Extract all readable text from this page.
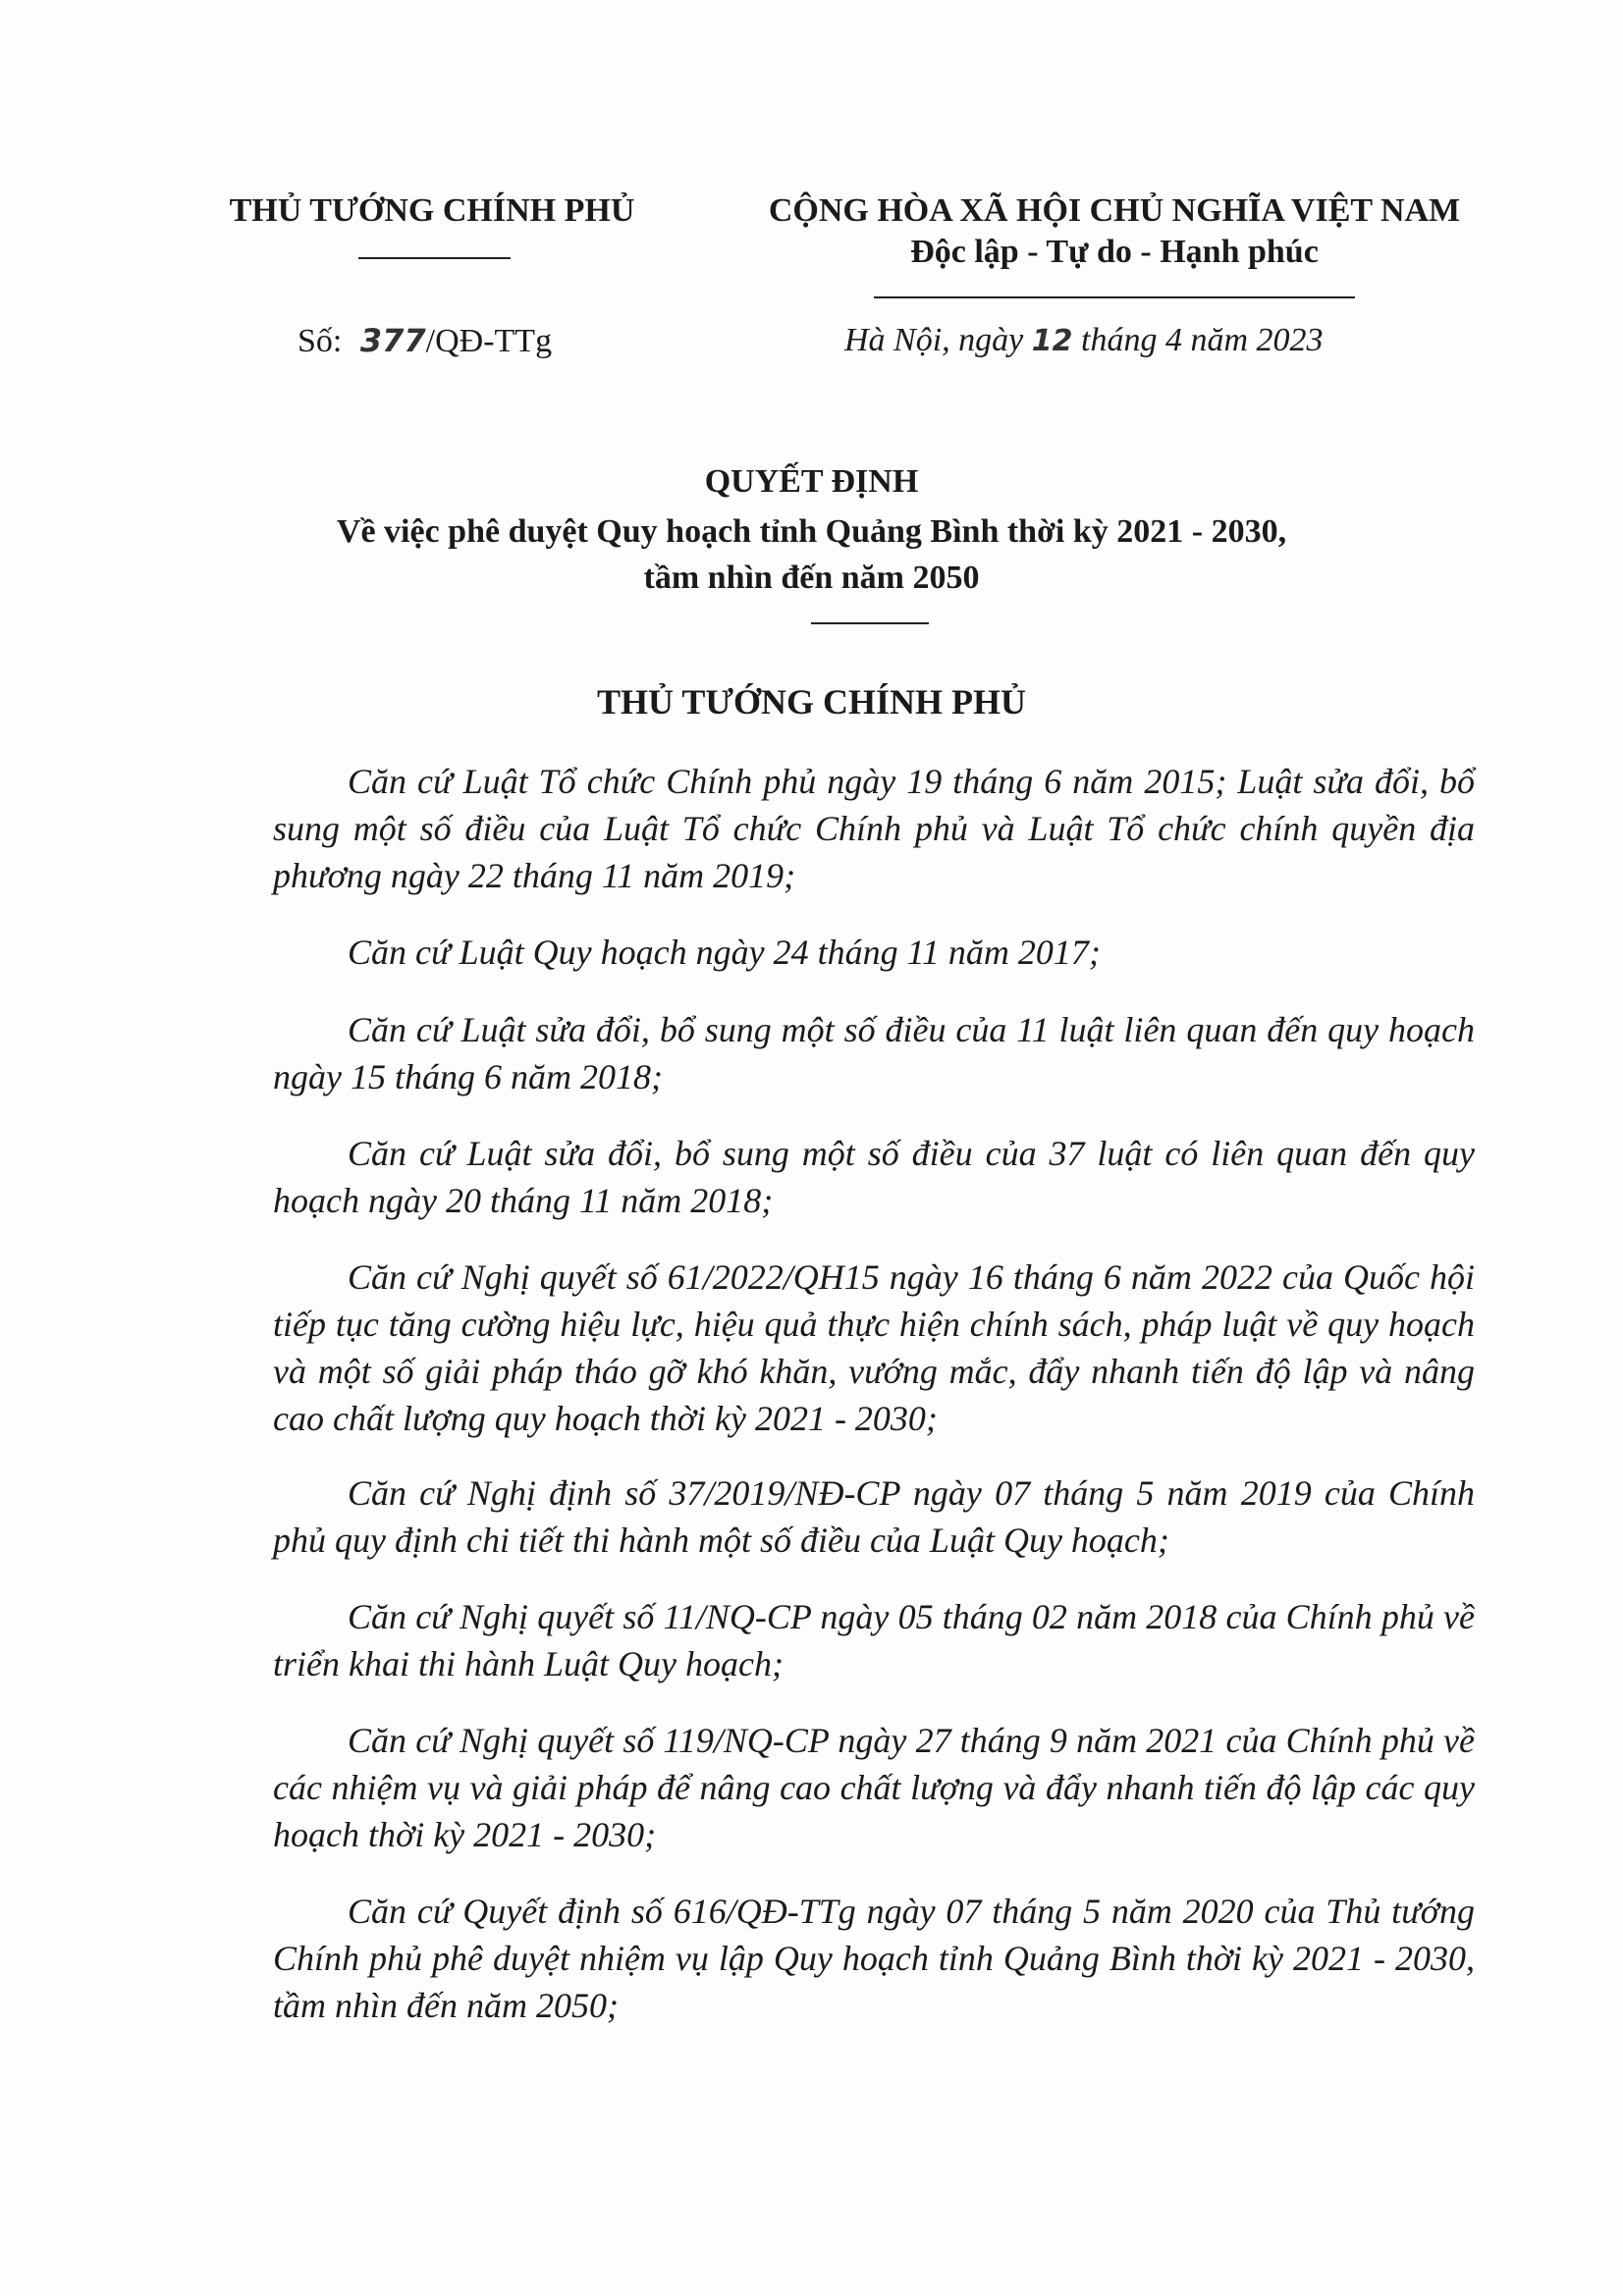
THỦ TƯỚNG CHÍNH PHỦ	CỘNG HÒA XÃ HỘI CHỦ NGHĨA VIỆT NAM
Độc lập - Tự do - Hạnh phúc
Số: 377/QĐ-TTg	Hà Nội, ngày 12 tháng 4 năm 2023
QUYẾT ĐỊNH
Về việc phê duyệt Quy hoạch tỉnh Quảng Bình thời kỳ 2021 - 2030,
tầm nhìn đến năm 2050
THỦ TƯỚNG CHÍNH PHỦ
Căn cứ Luật Tổ chức Chính phủ ngày 19 tháng 6 năm 2015; Luật sửa đổi, bổ sung một số điều của Luật Tổ chức Chính phủ và Luật Tổ chức chính quyền địa phương ngày 22 tháng 11 năm 2019;
Căn cứ Luật Quy hoạch ngày 24 tháng 11 năm 2017;
Căn cứ Luật sửa đổi, bổ sung một số điều của 11 luật liên quan đến quy hoạch ngày 15 tháng 6 năm 2018;
Căn cứ Luật sửa đổi, bổ sung một số điều của 37 luật có liên quan đến quy hoạch ngày 20 tháng 11 năm 2018;
Căn cứ Nghị quyết số 61/2022/QH15 ngày 16 tháng 6 năm 2022 của Quốc hội tiếp tục tăng cường hiệu lực, hiệu quả thực hiện chính sách, pháp luật về quy hoạch và một số giải pháp tháo gỡ khó khăn, vướng mắc, đẩy nhanh tiến độ lập và nâng cao chất lượng quy hoạch thời kỳ 2021 - 2030;
Căn cứ Nghị định số 37/2019/NĐ-CP ngày 07 tháng 5 năm 2019 của Chính phủ quy định chi tiết thi hành một số điều của Luật Quy hoạch;
Căn cứ Nghị quyết số 11/NQ-CP ngày 05 tháng 02 năm 2018 của Chính phủ về triển khai thi hành Luật Quy hoạch;
Căn cứ Nghị quyết số 119/NQ-CP ngày 27 tháng 9 năm 2021 của Chính phủ về các nhiệm vụ và giải pháp để nâng cao chất lượng và đẩy nhanh tiến độ lập các quy hoạch thời kỳ 2021 - 2030;
Căn cứ Quyết định số 616/QĐ-TTg ngày 07 tháng 5 năm 2020 của Thủ tướng Chính phủ phê duyệt nhiệm vụ lập Quy hoạch tỉnh Quảng Bình thời kỳ 2021 - 2030, tầm nhìn đến năm 2050;
